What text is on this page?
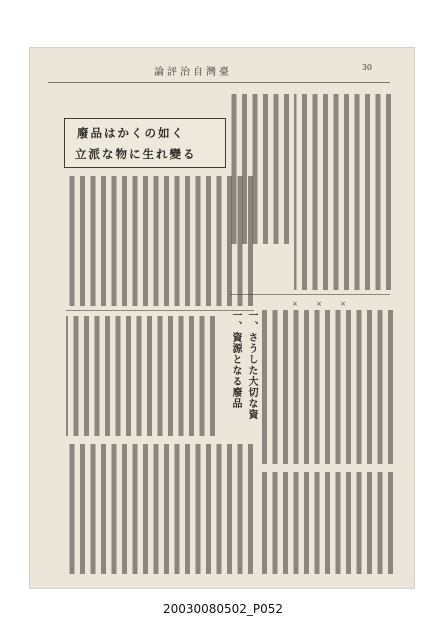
論評治自灣臺	30
廢品はかくの如く
立派な物に生れ變る
× × ×
一、資源となる廢品 一、さうした大切な資
20030080502_P052
